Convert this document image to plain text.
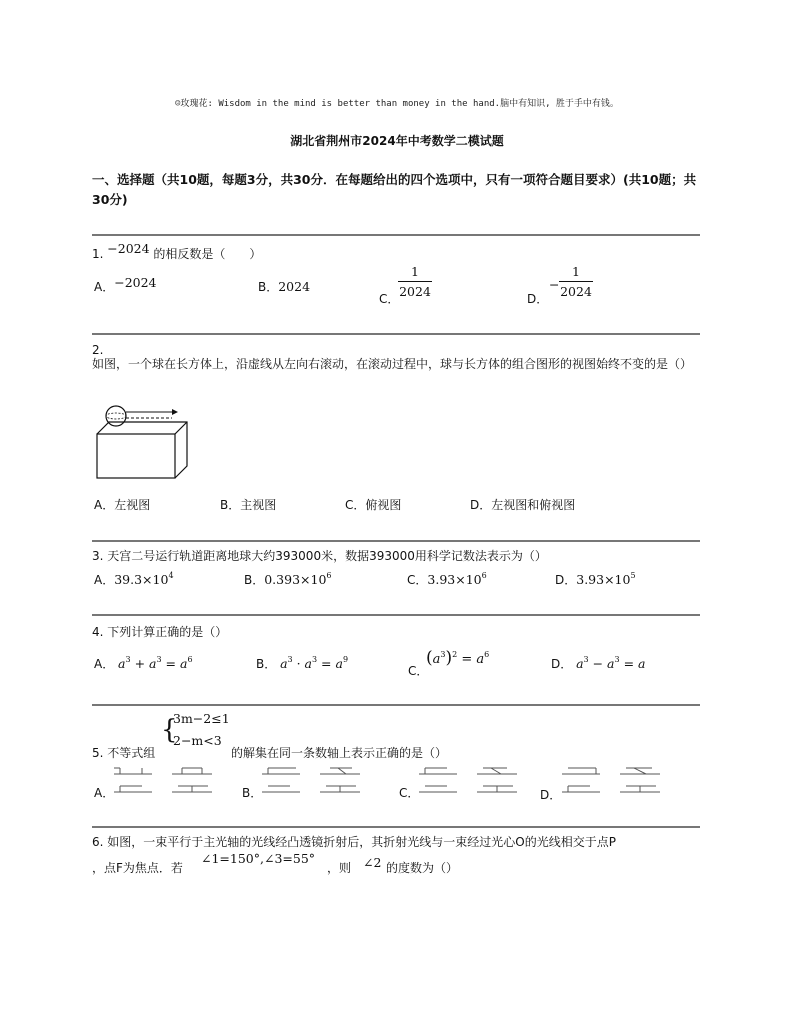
☺玫瑰花: Wisdom in the mind is better than money in the hand.脑中有知识, 胜于手中有钱。
湖北省荆州市2024年中考数学二模试题
一、选择题（共10题，每题3分，共30分．在每题给出的四个选项中，只有一项符合题目要求）(共10题；共30分)
1. −2024 的相反数是（　　）
A．−2024	B．2024
C．
1
2024	D．
−
1
2024
2.
如图，一个球在长方体上，沿虚线从左向右滚动，在滚动过程中，球与长方体的组合图形的视图始终不变的是（）
A．左视图	B．主视图	C．俯视图	D．左视图和俯视图
3. 天宫二号运行轨道距离地球大约393000米，数据393000用科学记数法表示为（）
A．$39.3\times 10^4$	B．$0.393\times 10^6$	C．$3.93\times 10^6$	D．$3.93\times 10^5$
4. 下列计算正确的是（）
A． $a^3 + a^3 = a^6$	B． $a^3 \cdot a^3 = a^9$
C．
$(a^3)^2 = a^6$
D． $a^3 - a^3 = a$
{
3m−2≤1
2−m<3
5. 不等式组	的解集在同一条数轴上表示正确的是（）
A．	B．	C．	D．
6. 如图，一束平行于主光轴的光线经凸透镜折射后，其折射光线与一束经过光心O的光线相交于点P
，点F为焦点．若
∠1=150°,∠3=55°
，则 ∠2 的度数为（）
